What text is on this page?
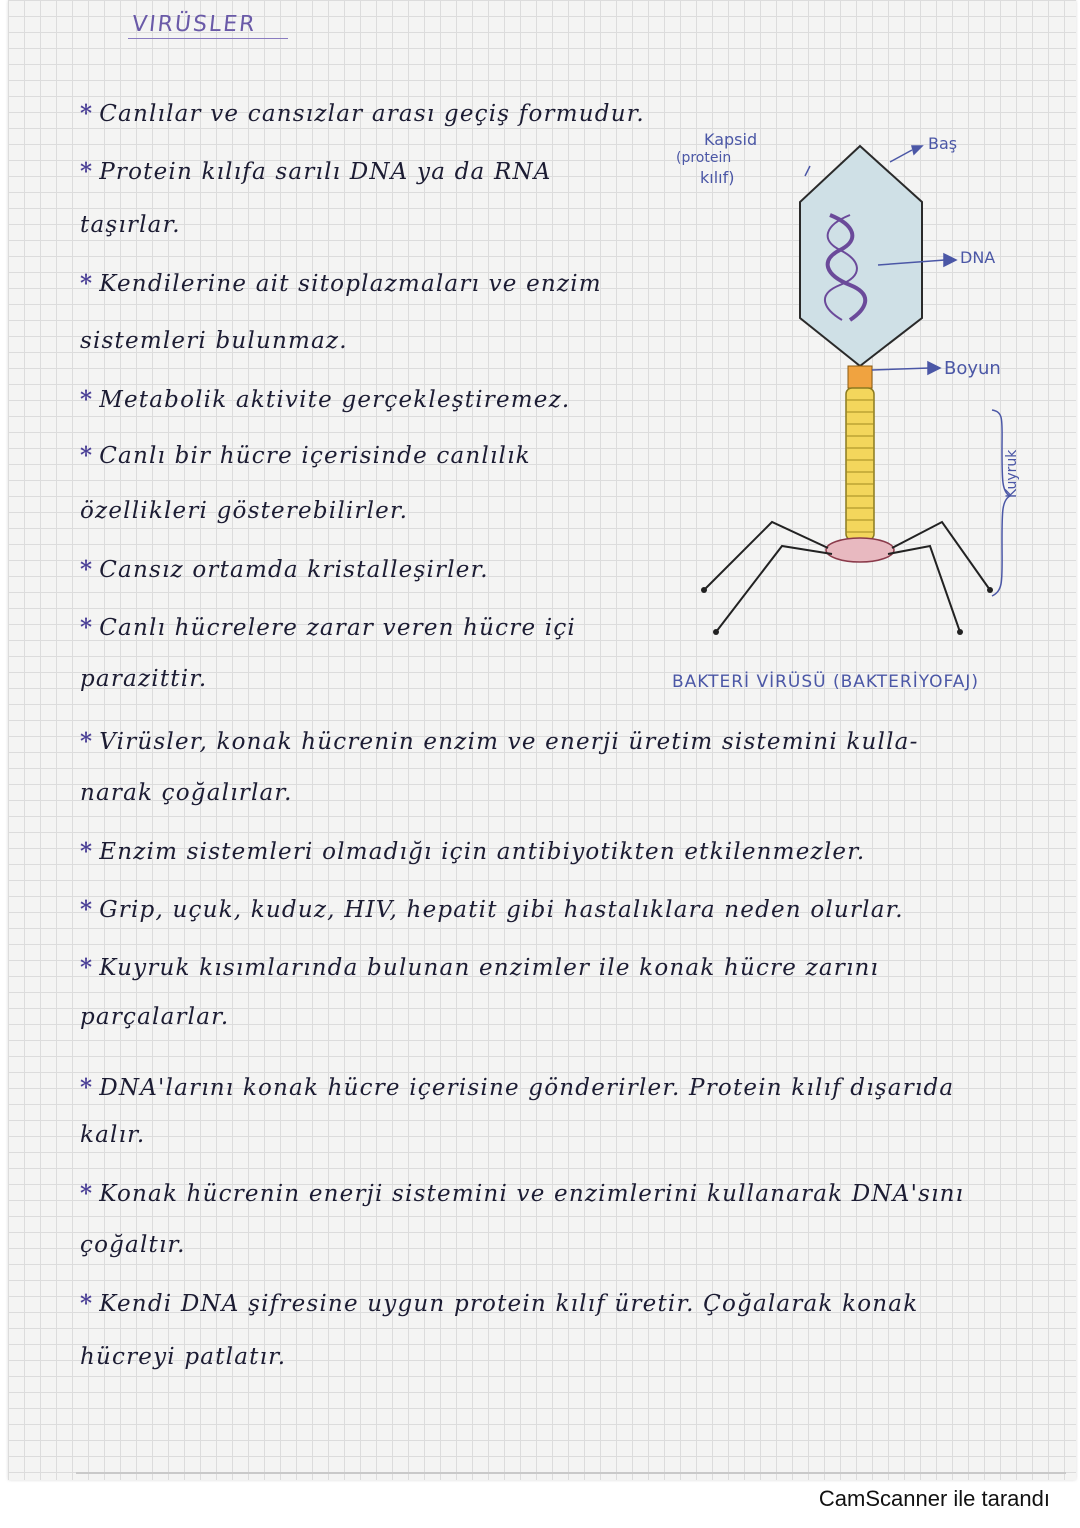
VIRÜSLER
* Canlılar ve cansızlar arası geçiş formudur.
* Protein kılıfa sarılı DNA ya da RNA
taşırlar.
* Kendilerine ait sitoplazmaları ve enzim
sistemleri bulunmaz.
* Metabolik aktivite gerçekleştiremez.
* Canlı bir hücre içerisinde canlılık
özellikleri gösterebilirler.
* Cansız ortamda kristalleşirler.
* Canlı hücrelere zarar veren hücre içi
parazittir.
* Virüsler, konak hücrenin enzim ve enerji üretim sistemini kulla-
narak çoğalırlar.
* Enzim sistemleri olmadığı için antibiyotikten etkilenmezler.
* Grip, uçuk, kuduz, HIV, hepatit gibi hastalıklara neden olurlar.
* Kuyruk kısımlarında bulunan enzimler ile konak hücre zarını
parçalarlar.
* DNA'larını konak hücre içerisine gönderirler. Protein kılıf dışarıda
kalır.
* Konak hücrenin enerji sistemini ve enzimlerini kullanarak DNA'sını
çoğaltır.
* Kendi DNA şifresine uygun protein kılıf üretir. Çoğalarak konak
hücreyi patlatır.
Kapsid
(protein
kılıf)
Baş
DNA
Boyun
Kuyruk
BAKTERİ VİRÜSÜ (BAKTERİYOFAJ)
CamScanner ile tarandı
